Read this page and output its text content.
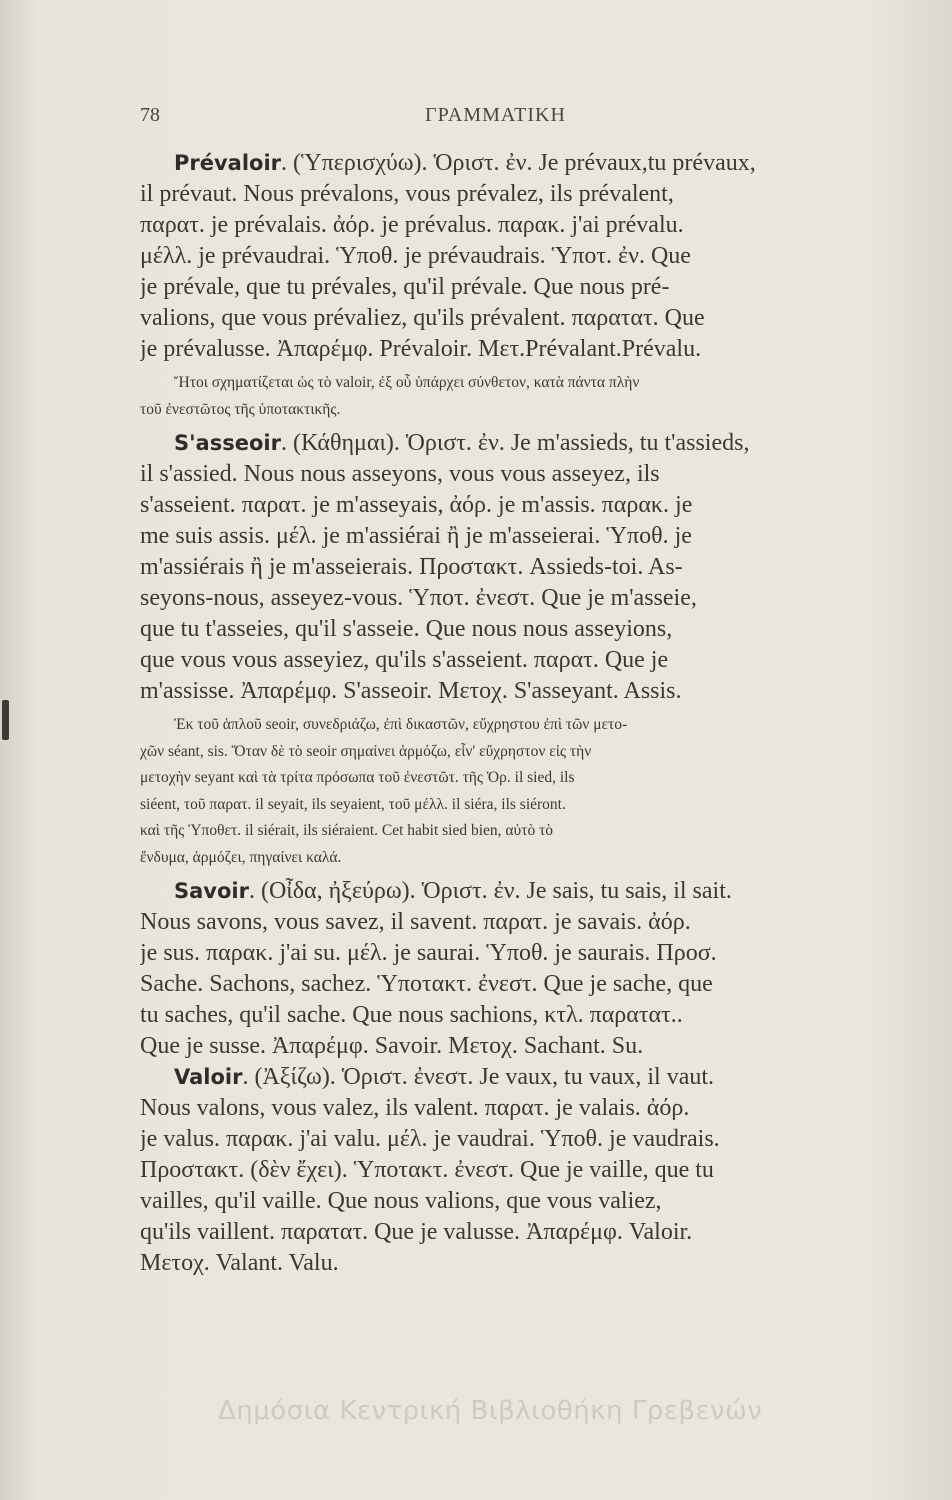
78	ΓΡΑΜΜΑΤΙΚΗ
Prévaloir. (Ὑπερισχύω). Ὁριστ. ἐν. Je prévaux,tu prévaux,
il prévaut. Nous prévalons, vous prévalez, ils prévalent,
παρατ. je prévalais. ἀόρ. je prévalus. παρακ. j'ai prévalu.
μέλλ. je prévaudrai. Ὑποθ. je prévaudrais. Ὑποτ. ἐν. Que
je prévale, que tu prévales, qu'il prévale. Que nous pré-
valions, que vous prévaliez, qu'ils prévalent. παρατατ. Que
je prévalusse. Ἀπαρέμφ. Prévaloir. Μετ.Prévalant.Prévalu.
Ἤτοι σχηματίζεται ὡς τὸ valoir, ἐξ οὗ ὑπάρχει σύνθετον, κατὰ πάντα πλὴν
τοῦ ἐνεστῶτος τῆς ὑποτακτικῆς.
S'asseoir. (Κάθημαι). Ὁριστ. ἐν. Je m'assieds, tu t'assieds,
il s'assied. Nous nous asseyons, vous vous asseyez, ils
s'asseient. παρατ. je m'asseyais, ἀόρ. je m'assis. παρακ. je
me suis assis. μέλ. je m'assiérai ἢ je m'asseierai. Ὑποθ. je
m'assiérais ἢ je m'asseierais. Προστακτ. Assieds-toi. As-
seyons-nous, asseyez-vous. Ὑποτ. ἐνεστ. Que je m'asseie,
que tu t'asseies, qu'il s'asseie. Que nous nous asseyions,
que vous vous asseyiez, qu'ils s'asseient. παρατ. Que je
m'assisse. Ἀπαρέμφ. S'asseoir. Μετοχ. S'asseyant. Assis.
Ἐκ τοῦ ἁπλοῦ seoir, συνεδριάζω, ἐπὶ δικαστῶν, εὔχρηστου ἐπὶ τῶν μετο-
χῶν séant, sis. Ὅταν δὲ τὸ seoir σημαίνει ἁρμόζω, εἶν' εὔχρηστον εἰς τὴν
μετοχὴν seyant καὶ τὰ τρίτα πρόσωπα τοῦ ἐνεστῶτ. τῆς Ὁρ. il sied, ils
siéent, τοῦ παρατ. il seyait, ils seyaient, τοῦ μέλλ. il siéra, ils siéront.
καὶ τῆς Ὑποθετ. il siérait, ils siéraient. Cet habit sied bien, αὐτὸ τὸ
ἔνδυμα, ἁρμόζει, πηγαίνει καλά.
Savoir. (Οἶδα, ἠξεύρω). Ὁριστ. ἐν. Je sais, tu sais, il sait.
Nous savons, vous savez, il savent. παρατ. je savais. ἀόρ.
je sus. παρακ. j'ai su. μέλ. je saurai. Ὑποθ. je saurais. Προσ.
Sache. Sachons, sachez. Ὑποτακτ. ἐνεστ. Que je sache, que
tu saches, qu'il sache. Que nous sachions, κτλ. παρατατ..
Que je susse. Ἀπαρέμφ. Savoir. Μετοχ. Sachant. Su.
Valoir. (Ἀξίζω). Ὁριστ. ἐνεστ. Je vaux, tu vaux, il vaut.
Nous valons, vous valez, ils valent. παρατ. je valais. ἀόρ.
je valus. παρακ. j'ai valu. μέλ. je vaudrai. Ὑποθ. je vaudrais.
Προστακτ. (δὲν ἔχει). Ὑποτακτ. ἐνεστ. Que je vaille, que tu
vailles, qu'il vaille. Que nous valions, que vous valiez,
qu'ils vaillent. παρατατ. Que je valusse. Ἀπαρέμφ. Valoir.
Μετοχ. Valant. Valu.
Δημόσια Κεντρική Βιβλιοθήκη Γρεβενών
